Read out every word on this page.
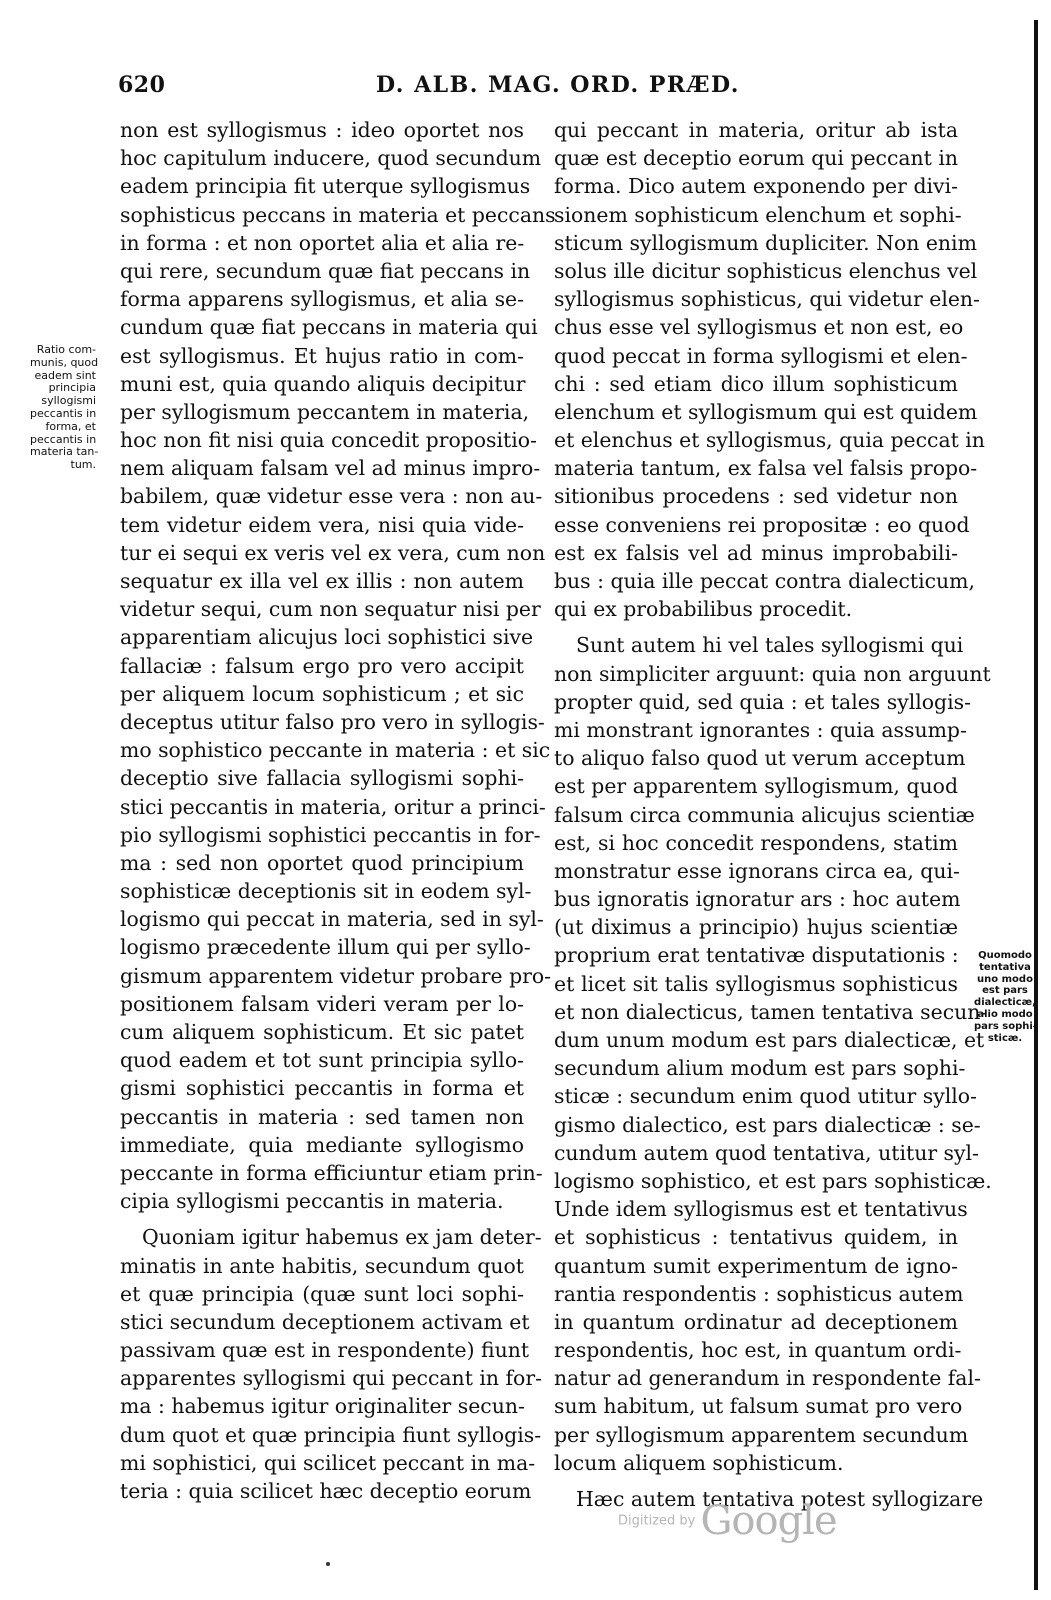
620	D. ALB. MAG. ORD. PRÆD.
Ratio com-
munis, quod
eadem sint
principia
syllogismi
peccantis in
forma, et
peccantis in
materia tan-
tum.
Quomodo
tentativa
uno modo
est pars
dialecticæ,
alio modo
pars sophi-
sticæ.
non est syllogismus : ideo oportet nos
hoc capitulum inducere, quod secundum
eadem principia fit uterque syllogismus
sophisticus peccans in materia et peccans
in forma : et non oportet alia et alia re-
qui rere, secundum quæ fiat peccans in
forma apparens syllogismus, et alia se-
cundum quæ fiat peccans in materia qui
est syllogismus. Et hujus ratio in com-
muni est, quia quando aliquis decipitur
per syllogismum peccantem in materia,
hoc non fit nisi quia concedit propositio-
nem aliquam falsam vel ad minus impro-
babilem, quæ videtur esse vera : non au-
tem videtur eidem vera, nisi quia vide-
tur ei sequi ex veris vel ex vera, cum non
sequatur ex illa vel ex illis : non autem
videtur sequi, cum non sequatur nisi per
apparentiam alicujus loci sophistici sive
fallaciæ : falsum ergo pro vero accipit
per aliquem locum sophisticum ; et sic
deceptus utitur falso pro vero in syllogis-
mo sophistico peccante in materia : et sic
deceptio sive fallacia syllogismi sophi-
stici peccantis in materia, oritur a princi-
pio syllogismi sophistici peccantis in for-
ma : sed non oportet quod principium
sophisticæ deceptionis sit in eodem syl-
logismo qui peccat in materia, sed in syl-
logismo præcedente illum qui per syllo-
gismum apparentem videtur probare pro-
positionem falsam videri veram per lo-
cum aliquem sophisticum. Et sic patet
quod eadem et tot sunt principia syllo-
gismi sophistici peccantis in forma et
peccantis in materia : sed tamen non
immediate, quia mediante syllogismo
peccante in forma efficiuntur etiam prin-
cipia syllogismi peccantis in materia.
Quoniam igitur habemus ex jam deter-
minatis in ante habitis, secundum quot
et quæ principia (quæ sunt loci sophi-
stici secundum deceptionem activam et
passivam quæ est in respondente) fiunt
apparentes syllogismi qui peccant in for-
ma : habemus igitur originaliter secun-
dum quot et quæ principia fiunt syllogis-
mi sophistici, qui scilicet peccant in ma-
teria : quia scilicet hæc deceptio eorum
qui peccant in materia, oritur ab ista
quæ est deceptio eorum qui peccant in
forma. Dico autem exponendo per divi-
sionem sophisticum elenchum et sophi-
sticum syllogismum dupliciter. Non enim
solus ille dicitur sophisticus elenchus vel
syllogismus sophisticus, qui videtur elen-
chus esse vel syllogismus et non est, eo
quod peccat in forma syllogismi et elen-
chi : sed etiam dico illum sophisticum
elenchum et syllogismum qui est quidem
et elenchus et syllogismus, quia peccat in
materia tantum, ex falsa vel falsis propo-
sitionibus procedens : sed videtur non
esse conveniens rei propositæ : eo quod
est ex falsis vel ad minus improbabili-
bus : quia ille peccat contra dialecticum,
qui ex probabilibus procedit.
Sunt autem hi vel tales syllogismi qui
non simpliciter arguunt: quia non arguunt
propter quid, sed quia : et tales syllogis-
mi monstrant ignorantes : quia assump-
to aliquo falso quod ut verum acceptum
est per apparentem syllogismum, quod
falsum circa communia alicujus scientiæ
est, si hoc concedit respondens, statim
monstratur esse ignorans circa ea, qui-
bus ignoratis ignoratur ars : hoc autem
(ut diximus a principio) hujus scientiæ
proprium erat tentativæ disputationis :
et licet sit talis syllogismus sophisticus
et non dialecticus, tamen tentativa secun-
dum unum modum est pars dialecticæ, et
secundum alium modum est pars sophi-
sticæ : secundum enim quod utitur syllo-
gismo dialectico, est pars dialecticæ : se-
cundum autem quod tentativa, utitur syl-
logismo sophistico, et est pars sophisticæ.
Unde idem syllogismus est et tentativus
et sophisticus : tentativus quidem, in
quantum sumit experimentum de igno-
rantia respondentis : sophisticus autem
in quantum ordinatur ad deceptionem
respondentis, hoc est, in quantum ordi-
natur ad generandum in respondente fal-
sum habitum, ut falsum sumat pro vero
per syllogismum apparentem secundum
locum aliquem sophisticum.
Hæc autem tentativa potest syllogizare
Digitized by Google
